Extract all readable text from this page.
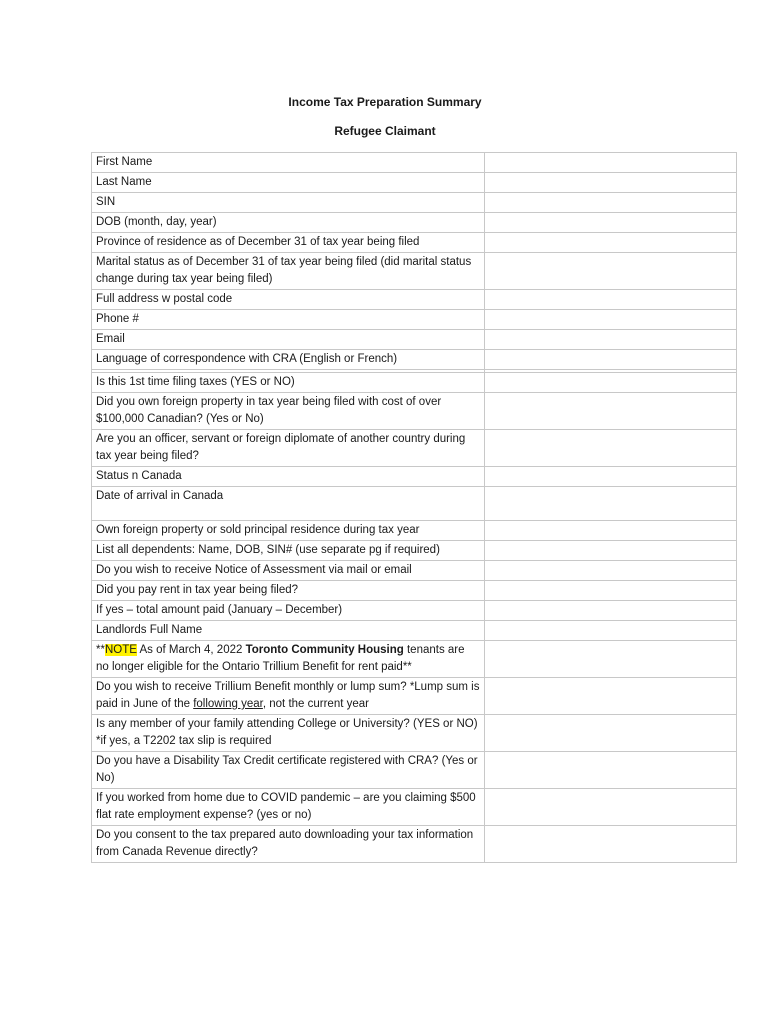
Income Tax Preparation Summary
Refugee Claimant
First Name	
Last Name	
SIN	
DOB (month, day, year)	
Province of residence as of December 31 of tax year being filed	
Marital status as of December 31 of tax year being filed (did marital status change during tax year being filed)	
Full address w postal code	
Phone #	
Email	
Language of correspondence with CRA (English or French)	

Is this 1st time filing taxes (YES or NO)	
Did you own foreign property in tax year being filed with cost of over $100,000 Canadian? (Yes or No)	
Are you an officer, servant or foreign diplomate of another country during tax year being filed?	
Status n Canada	
Date of arrival in Canada	
Own foreign property or sold principal residence during tax year	
List all dependents: Name, DOB, SIN# (use separate pg if required)	
Do you wish to receive Notice of Assessment via mail or email	
Did you pay rent in tax year being filed?	
If yes – total amount paid (January – December)	
Landlords Full Name	
**NOTE As of March 4, 2022 Toronto Community Housing tenants are no longer eligible for the Ontario Trillium Benefit for rent paid**	
Do you wish to receive Trillium Benefit monthly or lump sum? *Lump sum is paid in June of the following year, not the current year	
Is any member of your family attending College or University? (YES or NO) *if yes, a T2202 tax slip is required	
Do you have a Disability Tax Credit certificate registered with CRA? (Yes or No)	
If you worked from home due to COVID pandemic – are you claiming $500 flat rate employment expense? (yes or no)	
Do you consent to the tax prepared auto downloading your tax information from Canada Revenue directly?	
